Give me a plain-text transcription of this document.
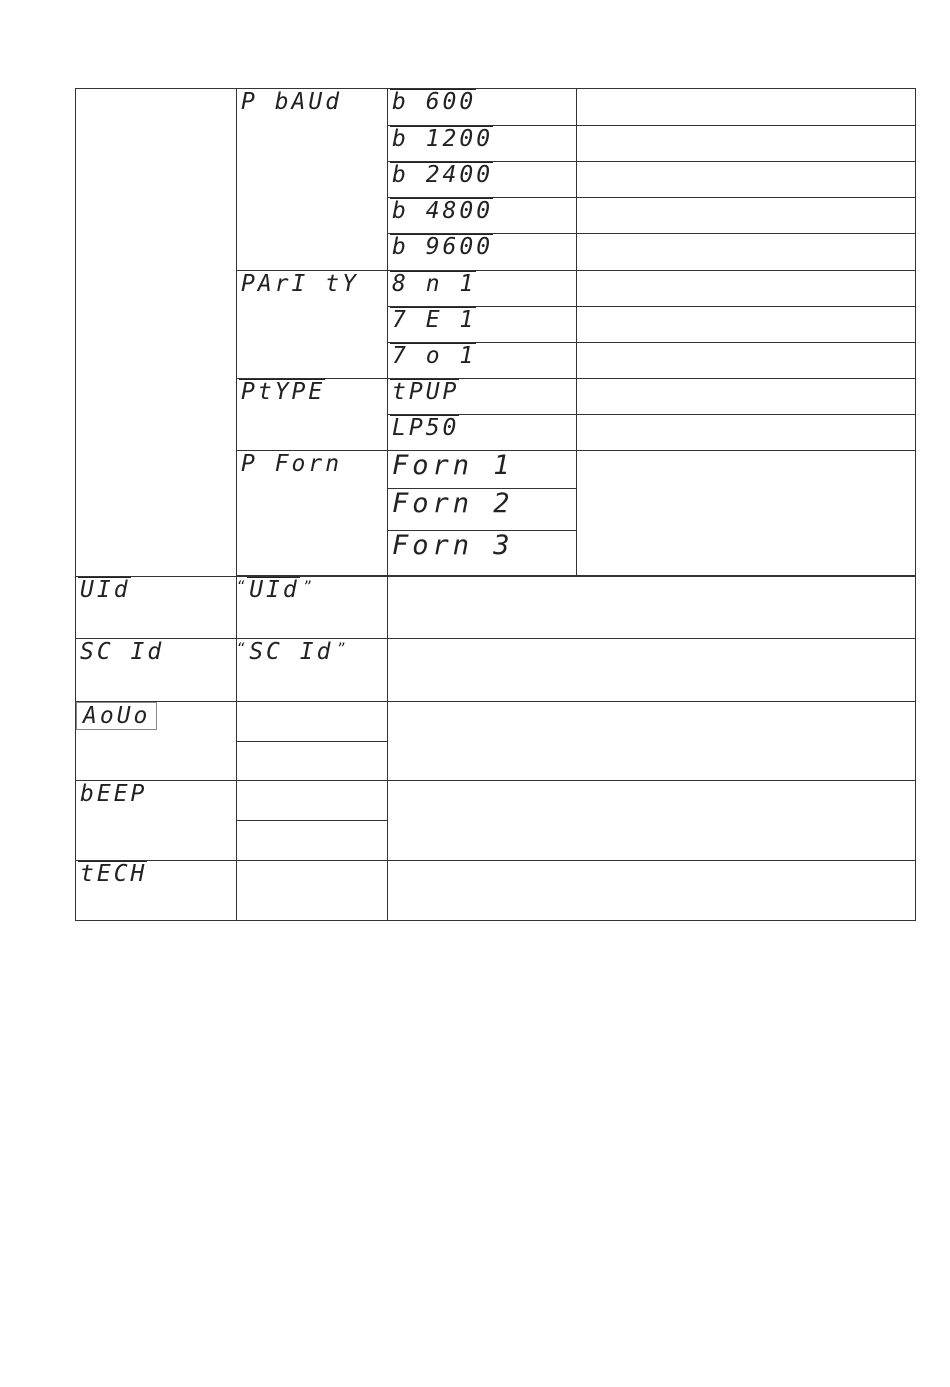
	P bAUd	b 600	
		b 1200	
		b 2400	
		b 4800	
		b 9600	
	PArI tY	8 n 1	
		7 E 1	
		7 o 1	
	PtYPE	tPUP	
		LP50	
	P Forn	Forn 1	
		Forn 2	
		Forn 3	

UId	“ UId ”		
SC Id	“ SC Id ”		
AoUo			

bEEP			

tECH			
